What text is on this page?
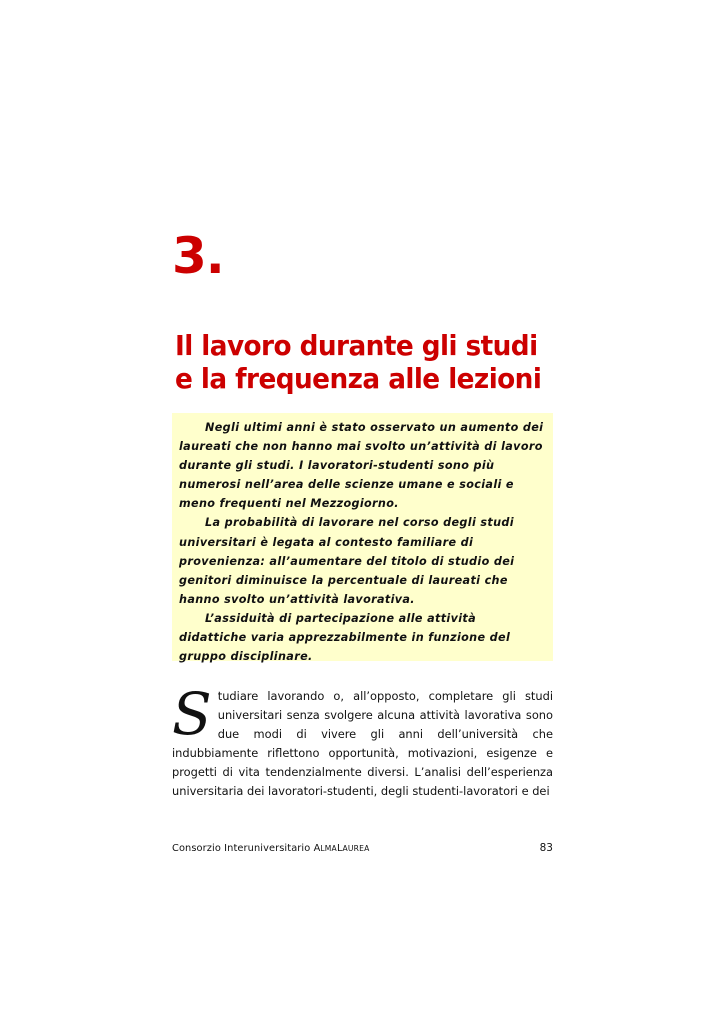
3.
Il lavoro durante gli studi
e la frequenza alle lezioni

Negli ultimi anni è stato osservato un aumento dei laureati che non hanno mai svolto un’attività di lavoro durante gli studi. I lavoratori-studenti sono più numerosi nell’area delle scienze umane e sociali e meno frequenti nel Mezzogiorno.

La probabilità di lavorare nel corso degli studi universitari è legata al contesto familiare di provenienza: all’aumentare del titolo di studio dei genitori diminuisce la percentuale di laureati che hanno svolto un’attività lavorativa.

L’assiduità di partecipazione alle attività didattiche varia apprezzabilmente in funzione del gruppo disciplinare.

S tudiare lavorando o, all’opposto, completare gli studi universitari senza svolgere alcuna attività lavorativa sono due modi di vivere gli anni dell’università che indubbiamente riflettono opportunità, motivazioni, esigenze e progetti di vita tendenzialmente diversi. L’analisi dell’esperienza universitaria dei lavoratori-studenti, degli studenti-lavoratori e dei

Consorzio Interuniversitario ALMALAUREA	83
